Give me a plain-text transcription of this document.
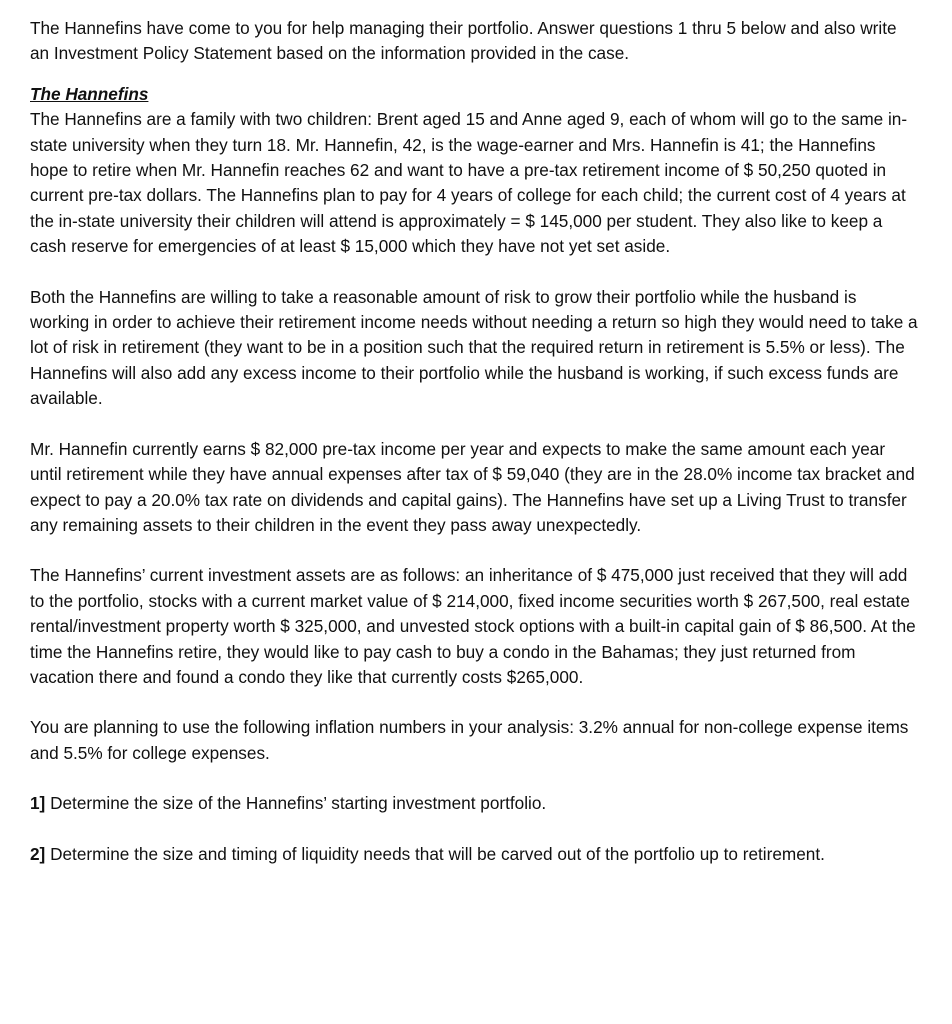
The Hannefins have come to you for help managing their portfolio. Answer questions 1 thru 5 below and also write an Investment Policy Statement based on the information provided in the case.

The Hannefins

The Hannefins are a family with two children: Brent aged 15 and Anne aged 9, each of whom will go to the same in-state university when they turn 18. Mr. Hannefin, 42, is the wage-earner and Mrs. Hannefin is 41; the Hannefins hope to retire when Mr. Hannefin reaches 62 and want to have a pre-tax retirement income of $ 50,250 quoted in current pre-tax dollars. The Hannefins plan to pay for 4 years of college for each child; the current cost of 4 years at the in-state university their children will attend is approximately = $ 145,000 per student. They also like to keep a cash reserve for emergencies of at least $ 15,000 which they have not yet set aside.

Both the Hannefins are willing to take a reasonable amount of risk to grow their portfolio while the husband is working in order to achieve their retirement income needs without needing a return so high they would need to take a lot of risk in retirement (they want to be in a position such that the required return in retirement is 5.5% or less). The Hannefins will also add any excess income to their portfolio while the husband is working, if such excess funds are available.

Mr. Hannefin currently earns $ 82,000 pre-tax income per year and expects to make the same amount each year until retirement while they have annual expenses after tax of $ 59,040 (they are in the 28.0% income tax bracket and expect to pay a 20.0% tax rate on dividends and capital gains). The Hannefins have set up a Living Trust to transfer any remaining assets to their children in the event they pass away unexpectedly.

The Hannefins’ current investment assets are as follows: an inheritance of $ 475,000 just received that they will add to the portfolio, stocks with a current market value of $ 214,000, fixed income securities worth $ 267,500, real estate rental/investment property worth $ 325,000, and unvested stock options with a built-in capital gain of $ 86,500. At the time the Hannefins retire, they would like to pay cash to buy a condo in the Bahamas; they just returned from vacation there and found a condo they like that currently costs $265,000.

You are planning to use the following inflation numbers in your analysis: 3.2% annual for non-college expense items and 5.5% for college expenses.

1] Determine the size of the Hannefins’ starting investment portfolio.

2] Determine the size and timing of liquidity needs that will be carved out of the portfolio up to retirement.
